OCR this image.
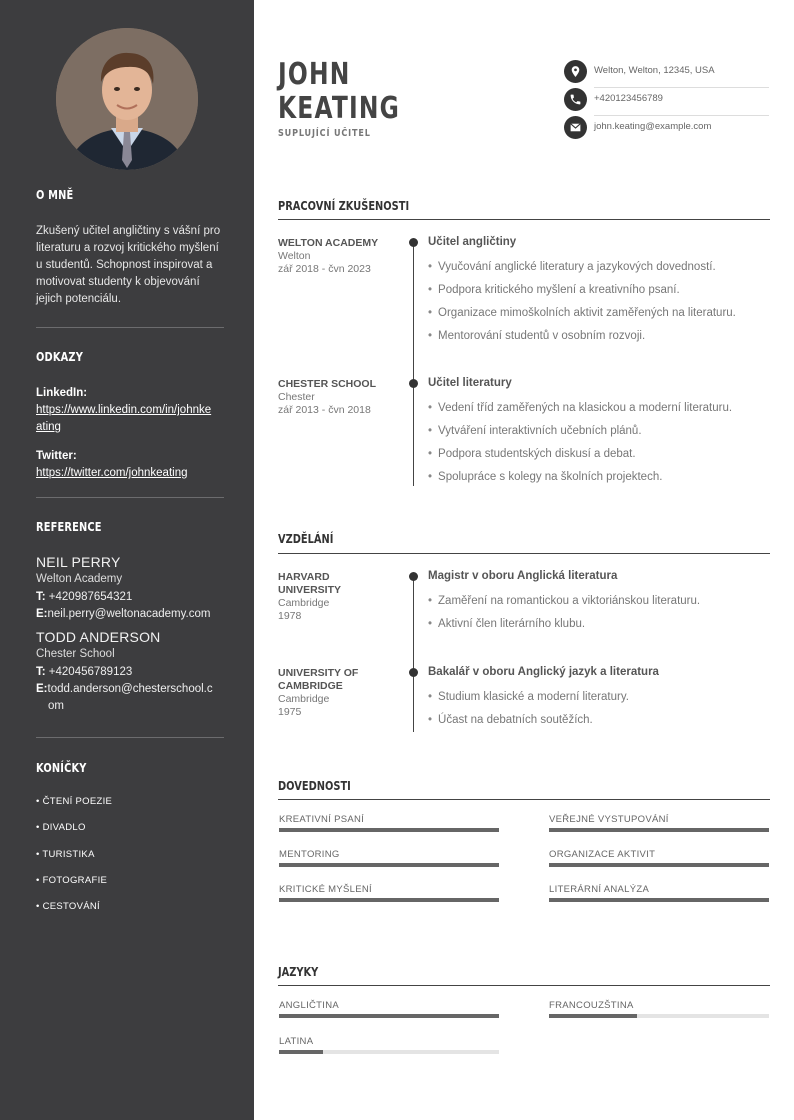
O MNĚ
Zkušený učitel angličtiny s vášní pro literaturu a rozvoj kritického myšlení u studentů. Schopnost inspirovat a motivovat studenty k objevování jejich potenciálu.
ODKAZY
LinkedIn:
https://www.linkedin.com/in/johnkeating
Twitter:
https://twitter.com/johnkeating
REFERENCE
NEIL PERRY
Welton Academy
T: +420987654321
E:neil.perry@weltonacademy.com
TODD ANDERSON
Chester School
T: +420456789123
E:todd.anderson@chesterschool.com
KONÍČKY
• ČTENÍ POEZIE
• DIVADLO
• TURISTIKA
• FOTOGRAFIE
• CESTOVÁNÍ
JOHN
KEATING
SUPLUJÍCÍ UČITEL
Welton, Welton, 12345, USA
+420123456789
john.keating@example.com
PRACOVNÍ ZKUŠENOSTI
WELTON ACADEMY
Welton
zář 2018 - čvn 2023
Učitel angličtiny
• Vyučování anglické literatury a jazykových dovedností.
• Podpora kritického myšlení a kreativního psaní.
• Organizace mimoškolních aktivit zaměřených na literaturu.
• Mentorování studentů v osobním rozvoji.
CHESTER SCHOOL
Chester
zář 2013 - čvn 2018
Učitel literatury
• Vedení tříd zaměřených na klasickou a moderní literaturu.
• Vytváření interaktivních učebních plánů.
• Podpora studentských diskusí a debat.
• Spolupráce s kolegy na školních projektech.
VZDĚLÁNÍ
HARVARD UNIVERSITY
Cambridge
1978
Magistr v oboru Anglická literatura
• Zaměření na romantickou a viktoriánskou literaturu.
• Aktivní člen literárního klubu.
UNIVERSITY OF CAMBRIDGE
Cambridge
1975
Bakalář v oboru Anglický jazyk a literatura
• Studium klasické a moderní literatury.
• Účast na debatních soutěžích.
DOVEDNOSTI
KREATIVNÍ PSANÍ	VEŘEJNÉ VYSTUPOVÁNÍ
MENTORING	ORGANIZACE AKTIVIT
KRITICKÉ MYŠLENÍ	LITERÁRNÍ ANALÝZA
JAZYKY
ANGLIČTINA	FRANCOUZŠTINA
LATINA
